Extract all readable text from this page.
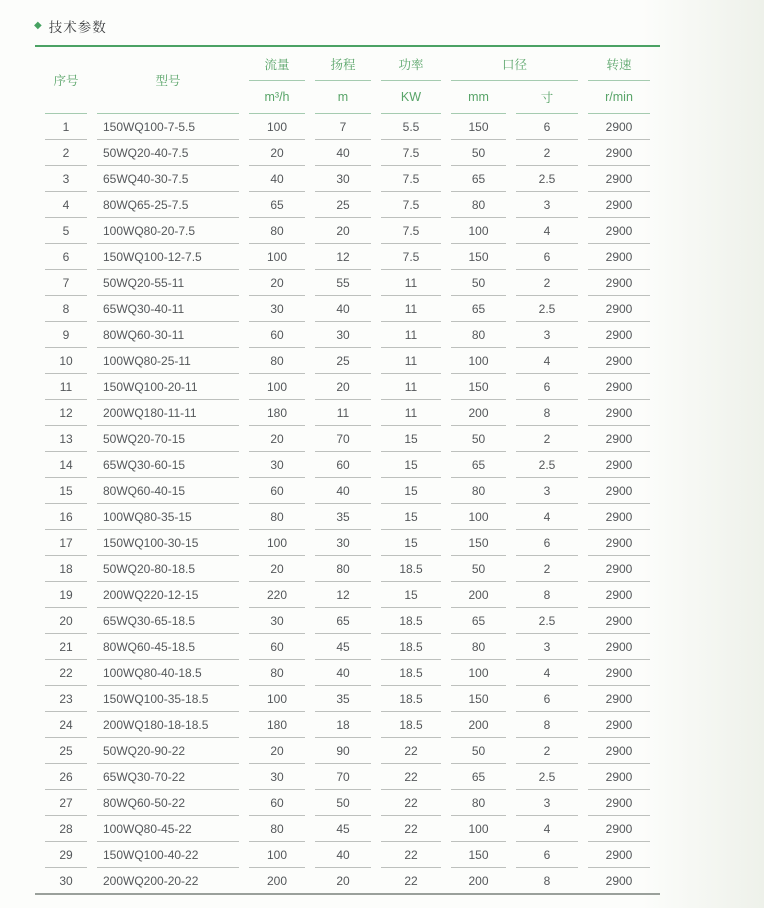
◆ 技术参数
序号	型号	流量	扬程	功率	口径		转速
		m³/h	m	KW	mm	寸	r/min
1	150WQ100-7-5.5	100	7	5.5	150	6	2900
2	50WQ20-40-7.5	20	40	7.5	50	2	2900
3	65WQ40-30-7.5	40	30	7.5	65	2.5	2900
4	80WQ65-25-7.5	65	25	7.5	80	3	2900
5	100WQ80-20-7.5	80	20	7.5	100	4	2900
6	150WQ100-12-7.5	100	12	7.5	150	6	2900
7	50WQ20-55-11	20	55	11	50	2	2900
8	65WQ30-40-11	30	40	11	65	2.5	2900
9	80WQ60-30-11	60	30	11	80	3	2900
10	100WQ80-25-11	80	25	11	100	4	2900
11	150WQ100-20-11	100	20	11	150	6	2900
12	200WQ180-11-11	180	11	11	200	8	2900
13	50WQ20-70-15	20	70	15	50	2	2900
14	65WQ30-60-15	30	60	15	65	2.5	2900
15	80WQ60-40-15	60	40	15	80	3	2900
16	100WQ80-35-15	80	35	15	100	4	2900
17	150WQ100-30-15	100	30	15	150	6	2900
18	50WQ20-80-18.5	20	80	18.5	50	2	2900
19	200WQ220-12-15	220	12	15	200	8	2900
20	65WQ30-65-18.5	30	65	18.5	65	2.5	2900
21	80WQ60-45-18.5	60	45	18.5	80	3	2900
22	100WQ80-40-18.5	80	40	18.5	100	4	2900
23	150WQ100-35-18.5	100	35	18.5	150	6	2900
24	200WQ180-18-18.5	180	18	18.5	200	8	2900
25	50WQ20-90-22	20	90	22	50	2	2900
26	65WQ30-70-22	30	70	22	65	2.5	2900
27	80WQ60-50-22	60	50	22	80	3	2900
28	100WQ80-45-22	80	45	22	100	4	2900
29	150WQ100-40-22	100	40	22	150	6	2900
30	200WQ200-20-22	200	20	22	200	8	2900
